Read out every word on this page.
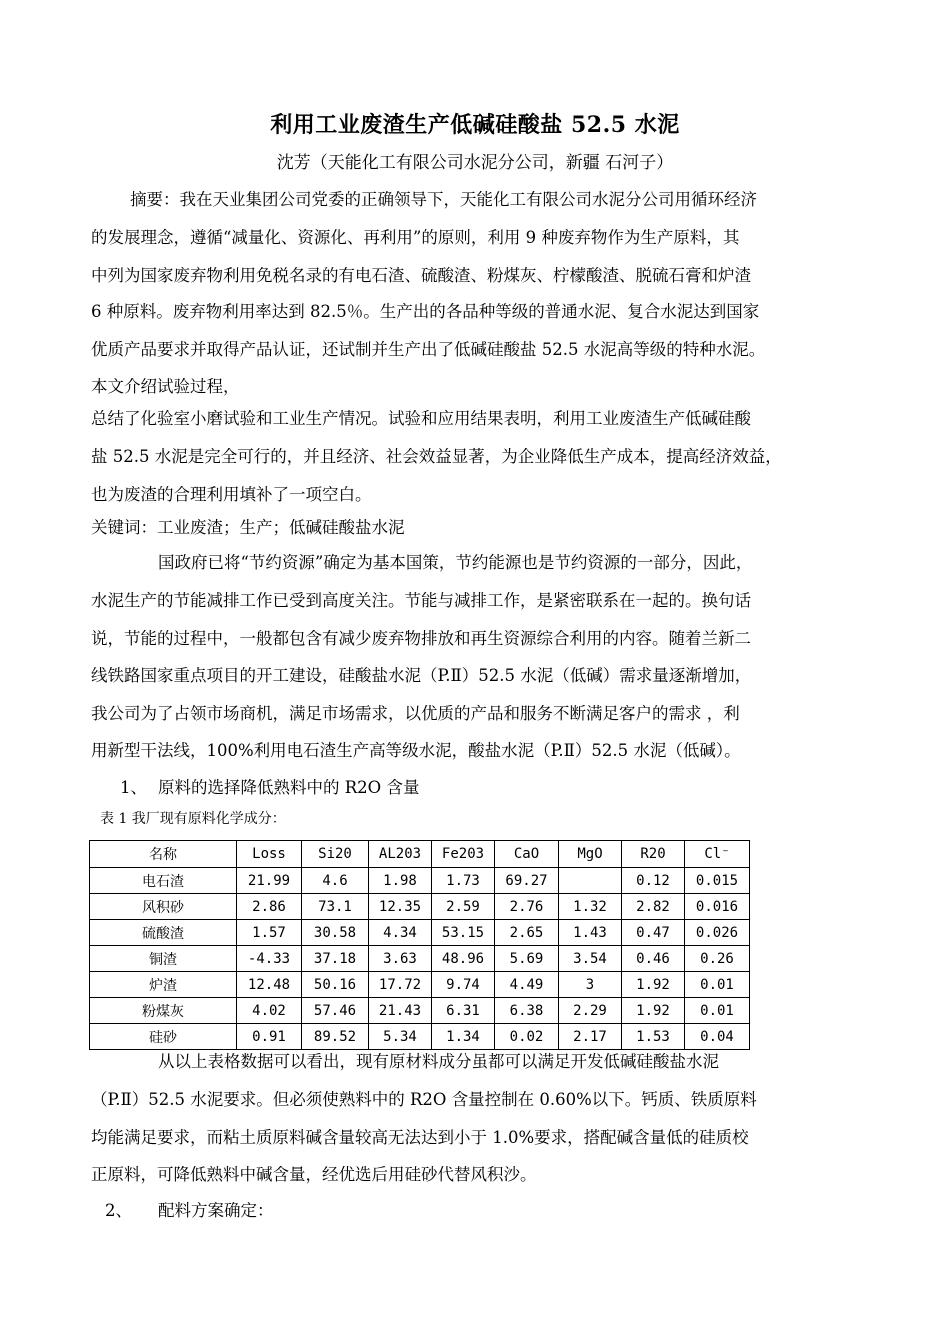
利用工业废渣生产低碱硅酸盐 52.5 水泥
沈芳（天能化工有限公司水泥分公司，新疆 石河子）
摘要：我在天业集团公司党委的正确领导下，天能化工有限公司水泥分公司用循环经济
的发展理念，遵循“减量化、资源化、再利用”的原则，利用 9 种废弃物作为生产原料，其
中列为国家废弃物利用免税名录的有电石渣、硫酸渣、粉煤灰、柠檬酸渣、脱硫石膏和炉渣
6 种原料。废弃物利用率达到 82.5％。生产出的各品种等级的普通水泥、复合水泥达到国家
优质产品要求并取得产品认证，还试制并生产出了低碱硅酸盐 52.5 水泥高等级的特种水泥。
本文介绍试验过程，
总结了化验室小磨试验和工业生产情况。试验和应用结果表明，利用工业废渣生产低碱硅酸
盐 52.5 水泥是完全可行的，并且经济、社会效益显著，为企业降低生产成本，提高经济效益，
也为废渣的合理利用填补了一项空白。
关键词：工业废渣；生产；低碱硅酸盐水泥
国政府已将“节约资源”确定为基本国策，节约能源也是节约资源的一部分，因此，
水泥生产的节能减排工作已受到高度关注。节能与减排工作，是紧密联系在一起的。换句话
说，节能的过程中，一般都包含有减少废弃物排放和再生资源综合利用的内容。随着兰新二
线铁路国家重点项目的开工建设，硅酸盐水泥（P.Ⅱ）52.5 水泥（低碱）需求量逐渐增加，
我公司为了占领市场商机，满足市场需求，以优质的产品和服务不断满足客户的需求 ，利
用新型干法线，100%利用电石渣生产高等级水泥，酸盐水泥（P.Ⅱ）52.5 水泥（低碱）。
1、 原料的选择降低熟料中的 R2O 含量
表 1 我厂现有原料化学成分：
名称	Loss	Si20	AL203	Fe203	CaO	MgO	R20	Cl⁻
电石渣	21.99	4.6	1.98	1.73	69.27		0.12	0.015
风积砂	2.86	73.1	12.35	2.59	2.76	1.32	2.82	0.016
硫酸渣	1.57	30.58	4.34	53.15	2.65	1.43	0.47	0.026
铜渣	-4.33	37.18	3.63	48.96	5.69	3.54	0.46	0.26
炉渣	12.48	50.16	17.72	9.74	4.49	3	1.92	0.01
粉煤灰	4.02	57.46	21.43	6.31	6.38	2.29	1.92	0.01
硅砂	0.91	89.52	5.34	1.34	0.02	2.17	1.53	0.04
从以上表格数据可以看出，现有原材料成分虽都可以满足开发低碱硅酸盐水泥
（P.Ⅱ）52.5 水泥要求。但必须使熟料中的 R2O 含量控制在 0.60%以下。钙质、铁质原料
均能满足要求，而粘土质原料碱含量较高无法达到小于 1.0%要求，搭配碱含量低的硅质校
正原料，可降低熟料中碱含量，经优选后用硅砂代替风积沙。
2、 配料方案确定：
